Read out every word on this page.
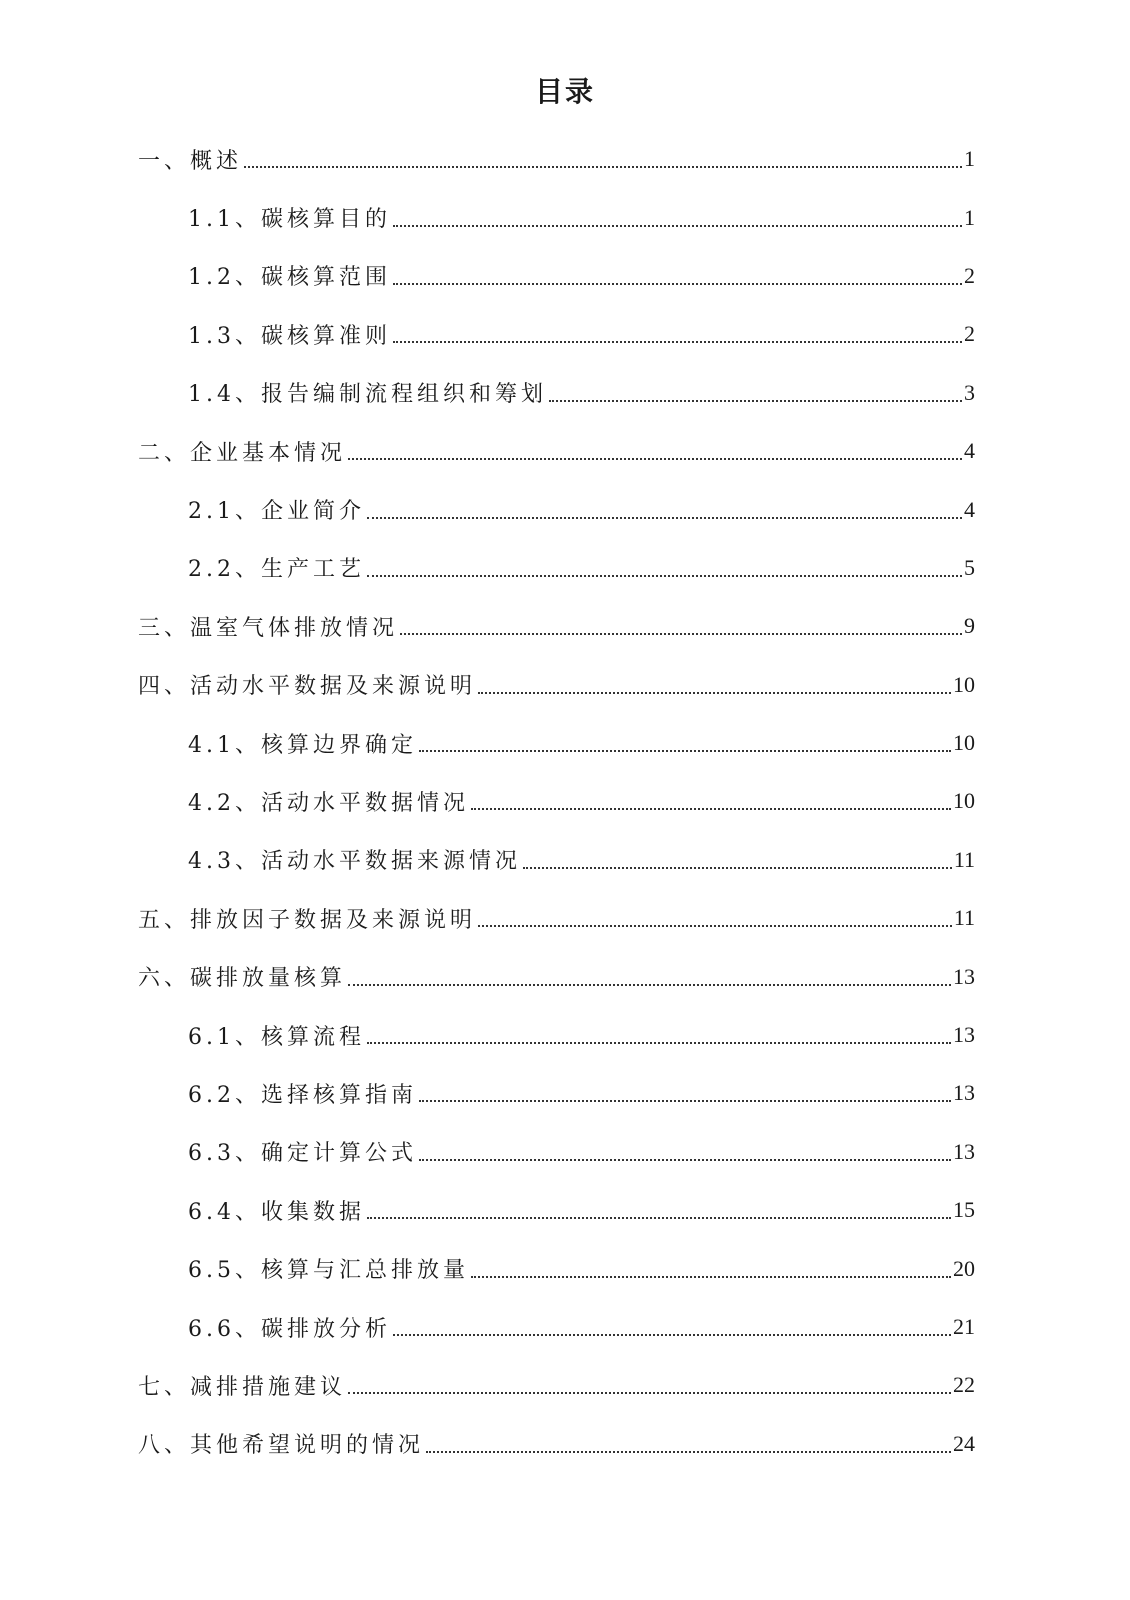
目录
一、概述	1
1.1、碳核算目的	1
1.2、碳核算范围	2
1.3、碳核算准则	2
1.4、报告编制流程组织和筹划	3
二、企业基本情况	4
2.1、企业简介	4
2.2、生产工艺	5
三、温室气体排放情况	9
四、活动水平数据及来源说明	10
4.1、核算边界确定	10
4.2、活动水平数据情况	10
4.3、活动水平数据来源情况	11
五、排放因子数据及来源说明	11
六、碳排放量核算	13
6.1、核算流程	13
6.2、选择核算指南	13
6.3、确定计算公式	13
6.4、收集数据	15
6.5、核算与汇总排放量	20
6.6、碳排放分析	21
七、减排措施建议	22
八、其他希望说明的情况	24
